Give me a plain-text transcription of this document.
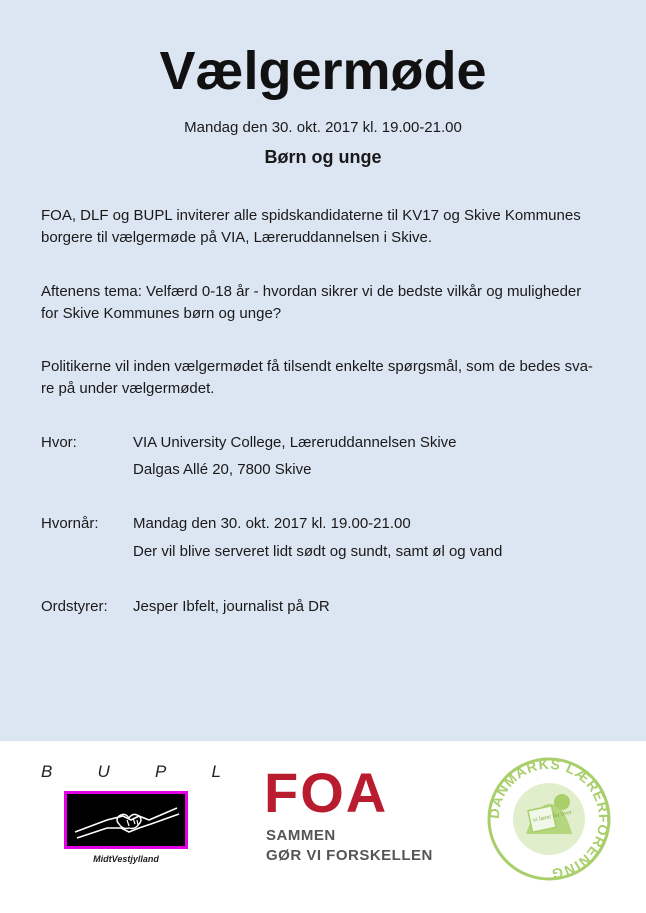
Vælgermøde
Mandag den 30. okt. 2017 kl. 19.00-21.00
Børn og unge
FOA, DLF og BUPL inviterer alle spidskandidaterne til KV17 og Skive Kommunes
borgere til vælgermøde på VIA, Læreruddannelsen i Skive.
Aftenens tema: Velfærd 0-18 år - hvordan sikrer vi de bedste vilkår og muligheder
for Skive Kommunes børn og unge?
Politikerne vil inden vælgermødet få tilsendt enkelte spørgsmål, som de bedes sva-
re på under vælgermødet.
Hvor:	VIA University College, Læreruddannelsen Skive
Dalgas Allé 20, 7800 Skive
Hvornår: Mandag den 30. okt. 2017 kl. 19.00-21.00
Der vil blive serveret lidt sødt og sundt, samt øl og vand
Ordstyrer: Jesper Ibfelt, journalist på DR
B	U	P	L
MidtVestjylland
FOA
SAMMEN
GØR VI FORSKELLEN
DANMARKS LÆRERFORENING
vi lærer for livet
